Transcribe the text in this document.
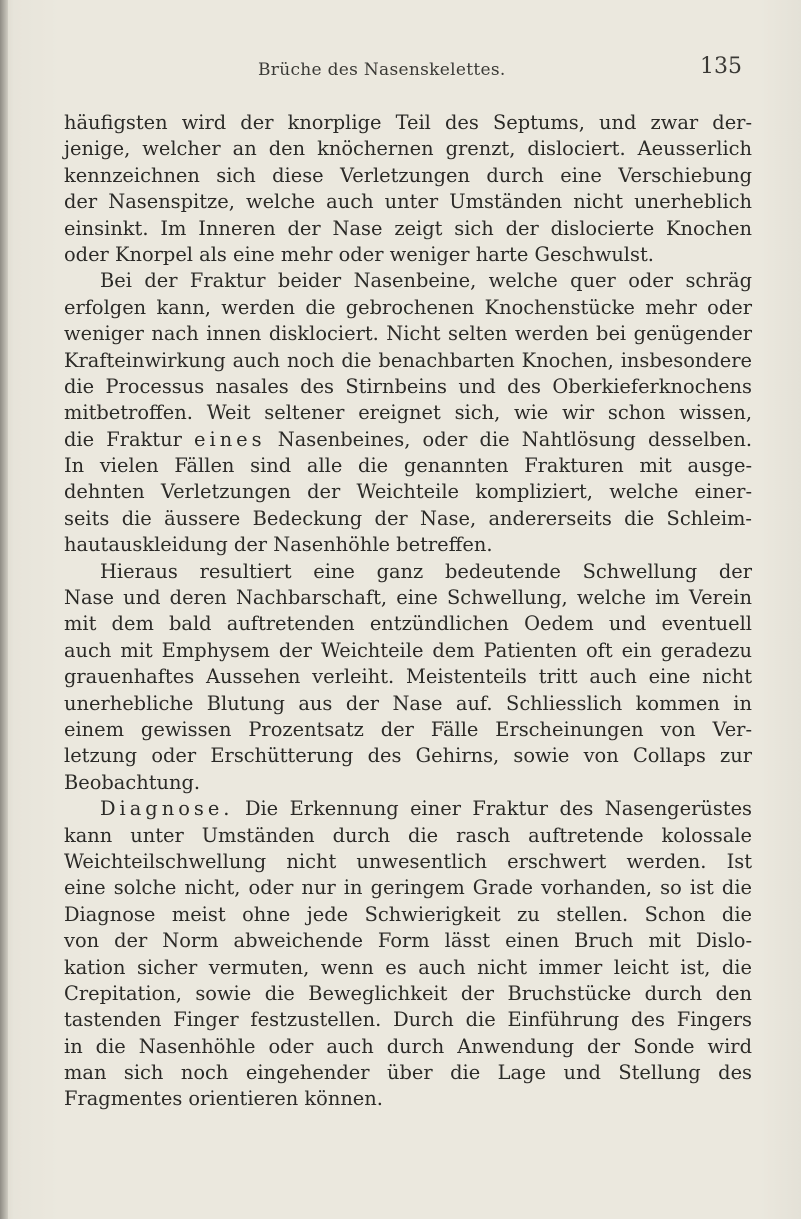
Brüche des Nasenskelettes.	135
häufigsten wird der knorplige Teil des Septums, und zwar der-
jenige, welcher an den knöchernen grenzt, dislociert. Aeusserlich
kennzeichnen sich diese Verletzungen durch eine Verschiebung
der Nasenspitze, welche auch unter Umständen nicht unerheblich
einsinkt. Im Inneren der Nase zeigt sich der dislocierte Knochen
oder Knorpel als eine mehr oder weniger harte Geschwulst.
Bei der Fraktur beider Nasenbeine, welche quer oder schräg
erfolgen kann, werden die gebrochenen Knochenstücke mehr oder
weniger nach innen disklociert. Nicht selten werden bei genügender
Krafteinwirkung auch noch die benachbarten Knochen, insbesondere
die Processus nasales des Stirnbeins und des Oberkieferknochens
mitbetroffen. Weit seltener ereignet sich, wie wir schon wissen,
die Fraktur eines Nasenbeines, oder die Nahtlösung desselben.
In vielen Fällen sind alle die genannten Frakturen mit ausge-
dehnten Verletzungen der Weichteile kompliziert, welche einer-
seits die äussere Bedeckung der Nase, andererseits die Schleim-
hautauskleidung der Nasenhöhle betreffen.
Hieraus resultiert eine ganz bedeutende Schwellung der
Nase und deren Nachbarschaft, eine Schwellung, welche im Verein
mit dem bald auftretenden entzündlichen Oedem und eventuell
auch mit Emphysem der Weichteile dem Patienten oft ein geradezu
grauenhaftes Aussehen verleiht. Meistenteils tritt auch eine nicht
unerhebliche Blutung aus der Nase auf. Schliesslich kommen in
einem gewissen Prozentsatz der Fälle Erscheinungen von Ver-
letzung oder Erschütterung des Gehirns, sowie von Collaps zur
Beobachtung.
Diagnose. Die Erkennung einer Fraktur des Nasengerüstes
kann unter Umständen durch die rasch auftretende kolossale
Weichteilschwellung nicht unwesentlich erschwert werden. Ist
eine solche nicht, oder nur in geringem Grade vorhanden, so ist die
Diagnose meist ohne jede Schwierigkeit zu stellen. Schon die
von der Norm abweichende Form lässt einen Bruch mit Dislo-
kation sicher vermuten, wenn es auch nicht immer leicht ist, die
Crepitation, sowie die Beweglichkeit der Bruchstücke durch den
tastenden Finger festzustellen. Durch die Einführung des Fingers
in die Nasenhöhle oder auch durch Anwendung der Sonde wird
man sich noch eingehender über die Lage und Stellung des
Fragmentes orientieren können.
